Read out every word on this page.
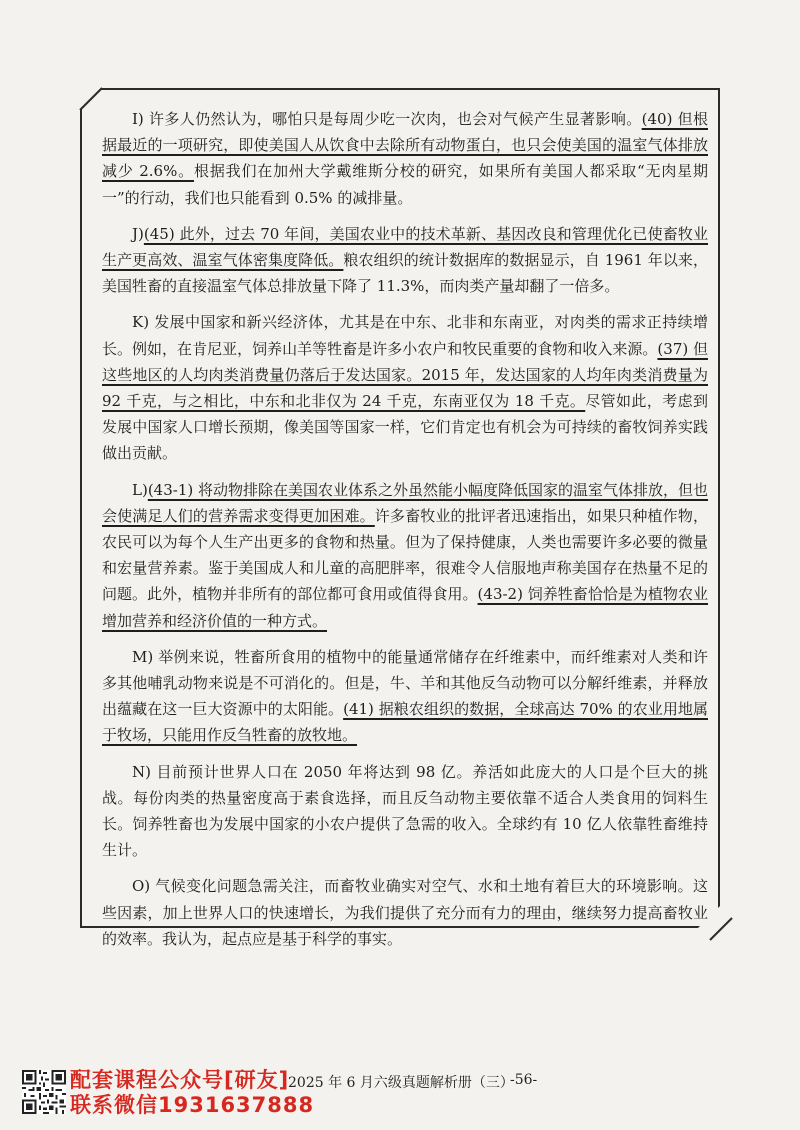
I) 许多人仍然认为，哪怕只是每周少吃一次肉，也会对气候产生显著影响。(40) 但根据最近的一项研究，即使美国人从饮食中去除所有动物蛋白，也只会使美国的温室气体排放减少 2.6%。根据我们在加州大学戴维斯分校的研究，如果所有美国人都采取“无肉星期一”的行动，我们也只能看到 0.5% 的减排量。

J)(45) 此外，过去 70 年间，美国农业中的技术革新、基因改良和管理优化已使畜牧业生产更高效、温室气体密集度降低。粮农组织的统计数据库的数据显示，自 1961 年以来，美国牲畜的直接温室气体总排放量下降了 11.3%，而肉类产量却翻了一倍多。

K) 发展中国家和新兴经济体，尤其是在中东、北非和东南亚，对肉类的需求正持续增长。例如，在肯尼亚，饲养山羊等牲畜是许多小农户和牧民重要的食物和收入来源。(37) 但这些地区的人均肉类消费量仍落后于发达国家。2015 年，发达国家的人均年肉类消费量为 92 千克，与之相比，中东和北非仅为 24 千克，东南亚仅为 18 千克。尽管如此，考虑到发展中国家人口增长预期，像美国等国家一样，它们肯定也有机会为可持续的畜牧饲养实践做出贡献。

L)(43-1) 将动物排除在美国农业体系之外虽然能小幅度降低国家的温室气体排放，但也会使满足人们的营养需求变得更加困难。许多畜牧业的批评者迅速指出，如果只种植作物，农民可以为每个人生产出更多的食物和热量。但为了保持健康，人类也需要许多必要的微量和宏量营养素。鉴于美国成人和儿童的高肥胖率，很难令人信服地声称美国存在热量不足的问题。此外，植物并非所有的部位都可食用或值得食用。(43-2) 饲养牲畜恰恰是为植物农业增加营养和经济价值的一种方式。

M) 举例来说，牲畜所食用的植物中的能量通常储存在纤维素中，而纤维素对人类和许多其他哺乳动物来说是不可消化的。但是，牛、羊和其他反刍动物可以分解纤维素，并释放出蕴藏在这一巨大资源中的太阳能。(41) 据粮农组织的数据，全球高达 70% 的农业用地属于牧场，只能用作反刍牲畜的放牧地。

N) 目前预计世界人口在 2050 年将达到 98 亿。养活如此庞大的人口是个巨大的挑战。每份肉类的热量密度高于素食选择，而且反刍动物主要依靠不适合人类食用的饲料生长。饲养牲畜也为发展中国家的小农户提供了急需的收入。全球约有 10 亿人依靠牲畜维持生计。

O) 气候变化问题急需关注，而畜牧业确实对空气、水和土地有着巨大的环境影响。这些因素，加上世界人口的快速增长，为我们提供了充分而有力的理由，继续努力提高畜牧业的效率。我认为，起点应是基于科学的事实。

配套课程公众号[研友]
联系微信1931637888
2025 年 6 月六级真题解析册（三）
-56-
